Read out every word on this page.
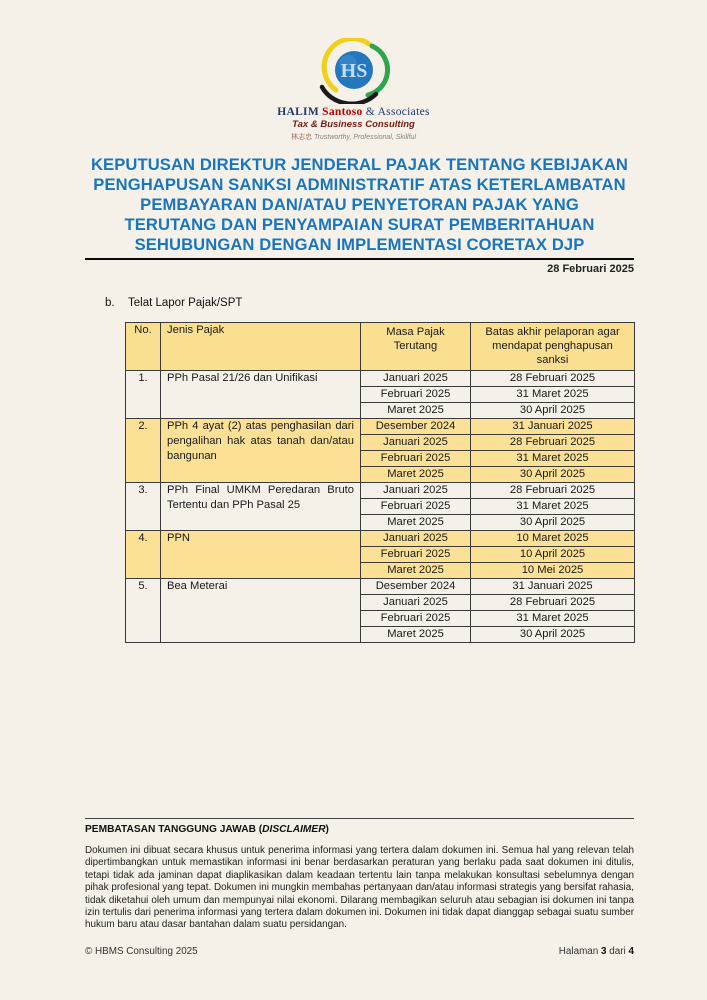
HS
HALIM Santoso & Associates
Tax & Business Consulting
林志忠 Trustworthy, Professional, Skillful
KEPUTUSAN DIREKTUR JENDERAL PAJAK TENTANG KEBIJAKAN
PENGHAPUSAN SANKSI ADMINISTRATIF ATAS KETERLAMBATAN
PEMBAYARAN DAN/ATAU PENYETORAN PAJAK YANG
TERUTANG DAN PENYAMPAIAN SURAT PEMBERITAHUAN
SEHUBUNGAN DENGAN IMPLEMENTASI CORETAX DJP
28 Februari 2025
b. Telat Lapor Pajak/SPT
No.	Jenis Pajak	Masa Pajak Terutang	Batas akhir pelaporan agar mendapat penghapusan sanksi
1.	PPh Pasal 21/26 dan Unifikasi	Januari 2025	28 Februari 2025
		Februari 2025	31 Maret 2025
		Maret 2025	30 April 2025
2.	PPh 4 ayat (2) atas penghasilan dari pengalihan hak atas tanah dan/atau bangunan	Desember 2024	31 Januari 2025
		Januari 2025	28 Februari 2025
		Februari 2025	31 Maret 2025
		Maret 2025	30 April 2025
3.	PPh Final UMKM Peredaran Bruto Tertentu dan PPh Pasal 25	Januari 2025	28 Februari 2025
		Februari 2025	31 Maret 2025
		Maret 2025	30 April 2025
4.	PPN	Januari 2025	10 Maret 2025
		Februari 2025	10 April 2025
		Maret 2025	10 Mei 2025
5.	Bea Meterai	Desember 2024	31 Januari 2025
		Januari 2025	28 Februari 2025
		Februari 2025	31 Maret 2025
		Maret 2025	30 April 2025
PEMBATASAN TANGGUNG JAWAB (DISCLAIMER)
Dokumen ini dibuat secara khusus untuk penerima informasi yang tertera dalam dokumen ini. Semua hal yang relevan telah dipertimbangkan untuk memastikan informasi ini benar berdasarkan peraturan yang berlaku pada saat dokumen ini ditulis, tetapi tidak ada jaminan dapat diaplikasikan dalam keadaan tertentu lain tanpa melakukan konsultasi sebelumnya dengan pihak profesional yang tepat. Dokumen ini mungkin membahas pertanyaan dan/atau informasi strategis yang bersifat rahasia, tidak diketahui oleh umum dan mempunyai nilai ekonomi. Dilarang membagikan seluruh atau sebagian isi dokumen ini tanpa izin tertulis dari penerima informasi yang tertera dalam dokumen ini. Dokumen ini tidak dapat dianggap sebagai suatu sumber hukum baru atau dasar bantahan dalam suatu persidangan.
© HBMS Consulting 2025	Halaman 3 dari 4
